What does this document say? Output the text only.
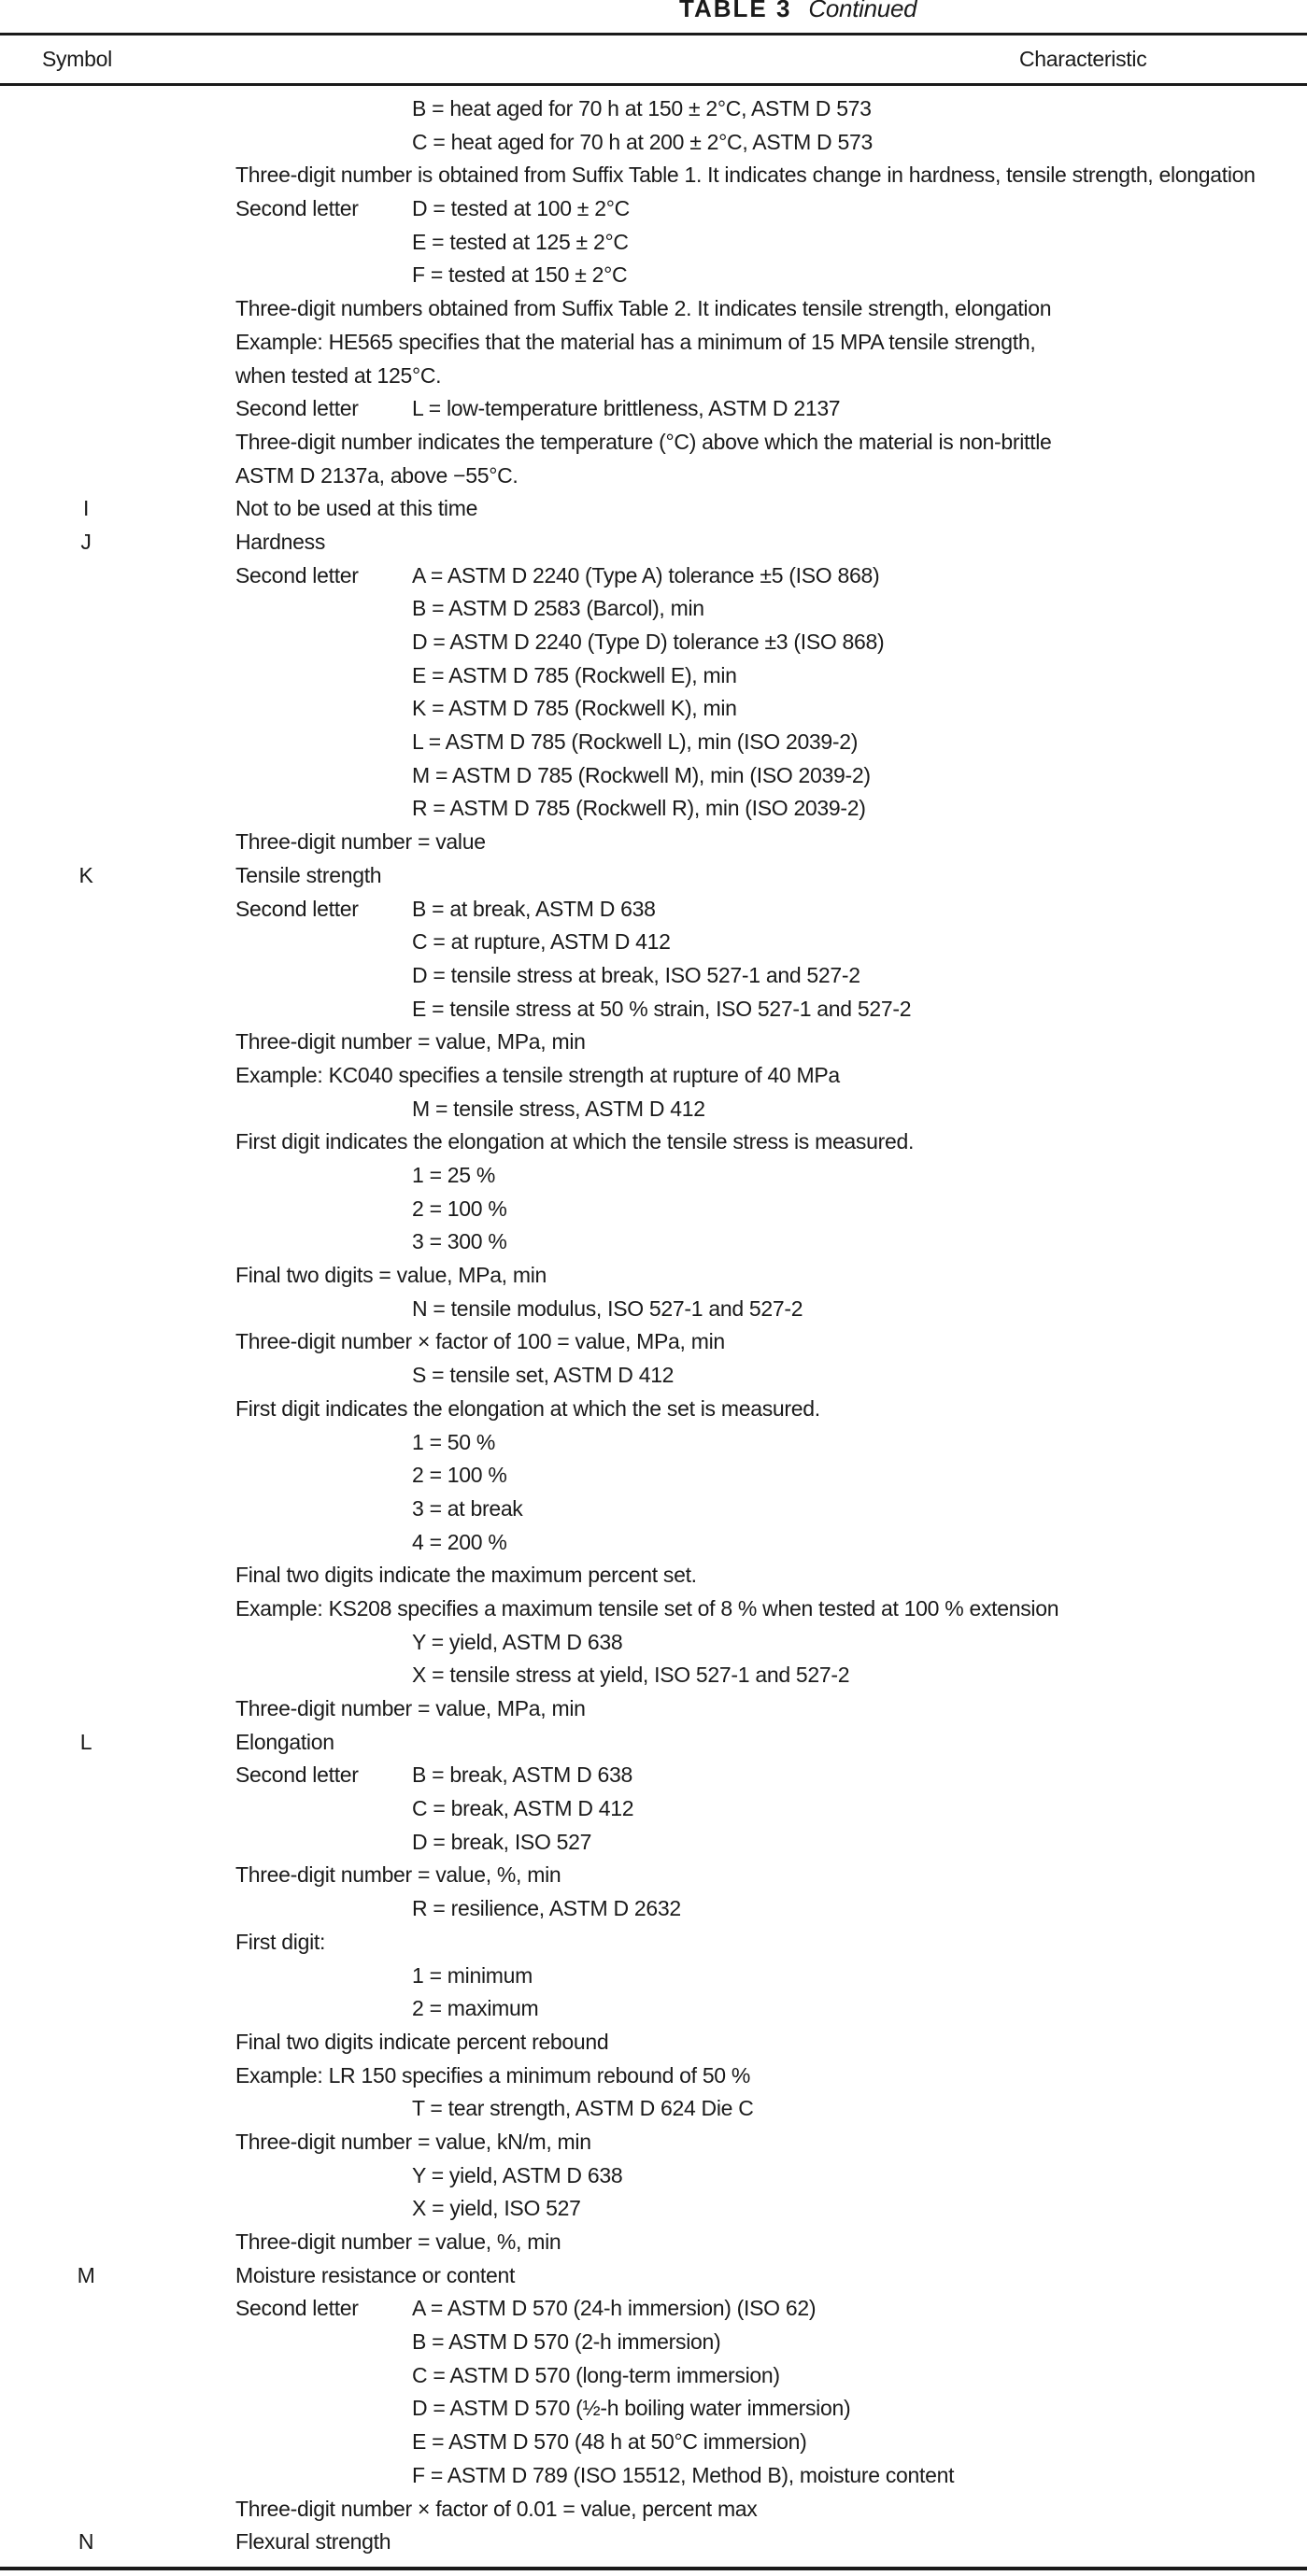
TABLE 3 Continued
Symbol	Characteristic
B = heat aged for 70 h at 150 ± 2°C, ASTM D 573
C = heat aged for 70 h at 200 ± 2°C, ASTM D 573
Three-digit number is obtained from Suffix Table 1. It indicates change in hardness, tensile strength, elongation
Second letter D = tested at 100 ± 2°C
E = tested at 125 ± 2°C
F = tested at 150 ± 2°C
Three-digit numbers obtained from Suffix Table 2. It indicates tensile strength, elongation
Example: HE565 specifies that the material has a minimum of 15 MPA tensile strength,
when tested at 125°C.
Second letter L = low-temperature brittleness, ASTM D 2137
Three-digit number indicates the temperature (°C) above which the material is non-brittle
ASTM D 2137a, above −55°C.
I	Not to be used at this time
J	Hardness
Second letter A = ASTM D 2240 (Type A) tolerance ±5 (ISO 868)
B = ASTM D 2583 (Barcol), min
D = ASTM D 2240 (Type D) tolerance ±3 (ISO 868)
E = ASTM D 785 (Rockwell E), min
K = ASTM D 785 (Rockwell K), min
L = ASTM D 785 (Rockwell L), min (ISO 2039-2)
M = ASTM D 785 (Rockwell M), min (ISO 2039-2)
R = ASTM D 785 (Rockwell R), min (ISO 2039-2)
Three-digit number = value
K	Tensile strength
Second letter B = at break, ASTM D 638
C = at rupture, ASTM D 412
D = tensile stress at break, ISO 527-1 and 527-2
E = tensile stress at 50 % strain, ISO 527-1 and 527-2
Three-digit number = value, MPa, min
Example: KC040 specifies a tensile strength at rupture of 40 MPa
M = tensile stress, ASTM D 412
First digit indicates the elongation at which the tensile stress is measured.
1 = 25 %
2 = 100 %
3 = 300 %
Final two digits = value, MPa, min
N = tensile modulus, ISO 527-1 and 527-2
Three-digit number × factor of 100 = value, MPa, min
S = tensile set, ASTM D 412
First digit indicates the elongation at which the set is measured.
1 = 50 %
2 = 100 %
3 = at break
4 = 200 %
Final two digits indicate the maximum percent set.
Example: KS208 specifies a maximum tensile set of 8 % when tested at 100 % extension
Y = yield, ASTM D 638
X = tensile stress at yield, ISO 527-1 and 527-2
Three-digit number = value, MPa, min
L	Elongation
Second letter B = break, ASTM D 638
C = break, ASTM D 412
D = break, ISO 527
Three-digit number = value, %, min
R = resilience, ASTM D 2632
First digit:
1 = minimum
2 = maximum
Final two digits indicate percent rebound
Example: LR 150 specifies a minimum rebound of 50 %
T = tear strength, ASTM D 624 Die C
Three-digit number = value, kN/m, min
Y = yield, ASTM D 638
X = yield, ISO 527
Three-digit number = value, %, min
M	Moisture resistance or content
Second letter A = ASTM D 570 (24-h immersion) (ISO 62)
B = ASTM D 570 (2-h immersion)
C = ASTM D 570 (long-term immersion)
D = ASTM D 570 (½-h boiling water immersion)
E = ASTM D 570 (48 h at 50°C immersion)
F = ASTM D 789 (ISO 15512, Method B), moisture content
Three-digit number × factor of 0.01 = value, percent max
N	Flexural strength
